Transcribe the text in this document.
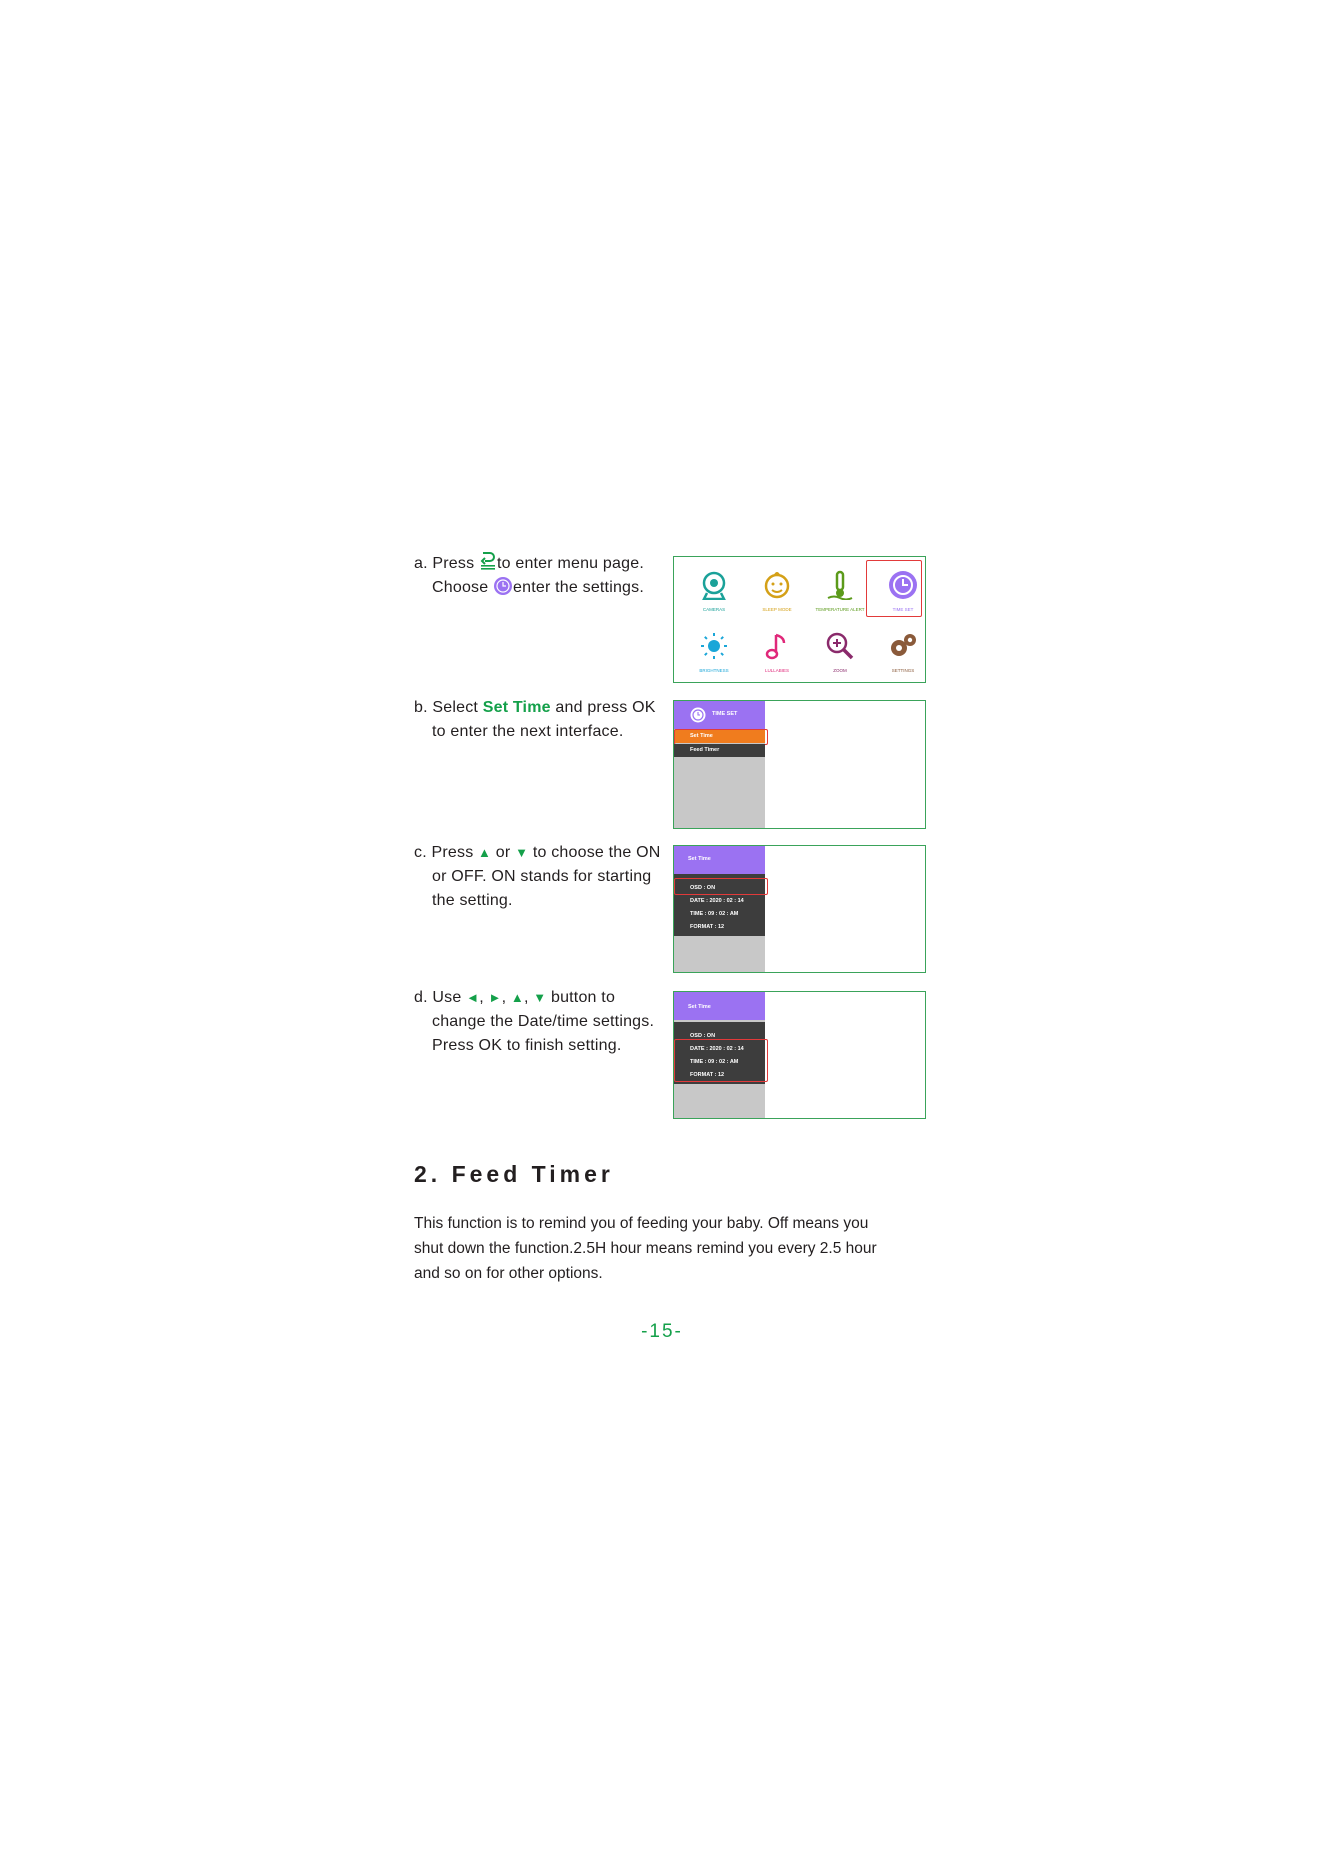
a. Press to enter menu page.
Choose enter the settings.
CAMERAS	SLEEP MODE	TEMPERATURE ALERT	TIME SET
BRIGHTNESS	LULLABIES	ZOOM	SETTINGS
b. Select Set Time and press OK
to enter the next interface.
TIME SET
Set Time
Feed Timer
c. Press ▲ or ▼ to choose the ON
or OFF. ON stands for starting
the setting.
Set Time
OSD : ON
DATE : 2020 : 02 : 14
TIME : 09 : 02 : AM
FORMAT : 12
d. Use ◄, ►, ▲, ▼ button to
change the Date/time settings.
Press OK to finish setting.
Set Time
OSD : ON
DATE : 2020 : 02 : 14
TIME : 09 : 02 : AM
FORMAT : 12
2. Feed Timer
This function is to remind you of feeding your baby. Off means you
shut down the function.2.5H hour means remind you every 2.5 hour
and so on for other options.
-15-
